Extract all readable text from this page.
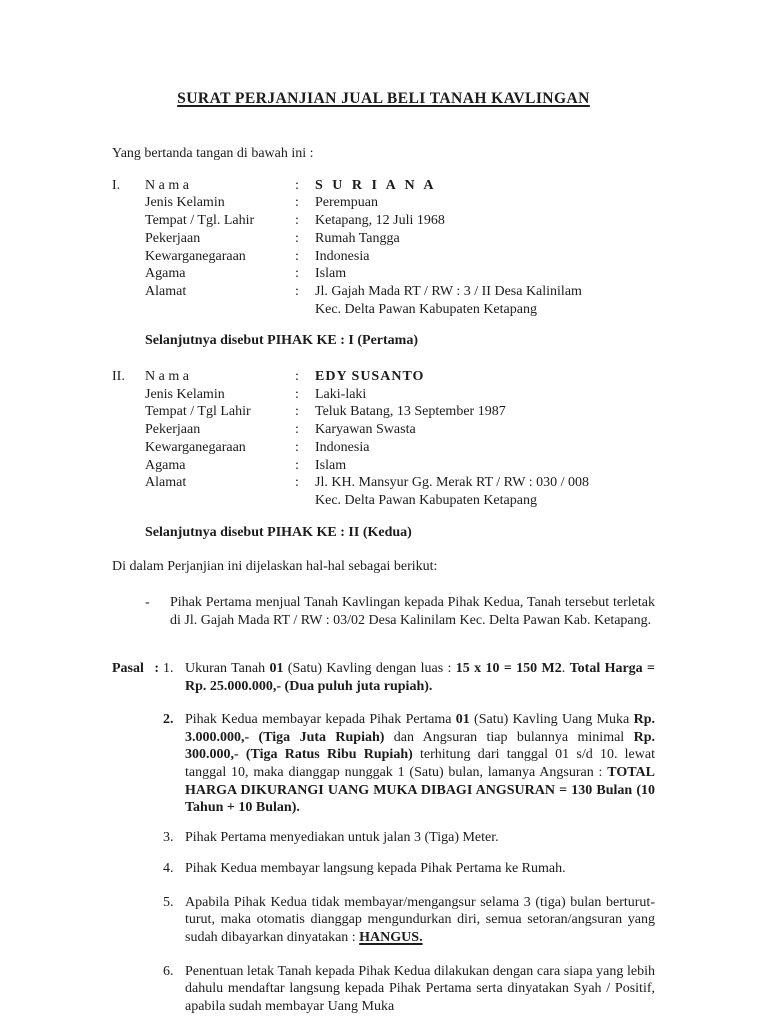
SURAT PERJANJIAN JUAL BELI TANAH KAVLINGAN

Yang bertanda tangan di bawah ini :

I.	N a m a	:	S U R I A N A
Jenis Kelamin	:	Perempuan
Tempat / Tgl. Lahir	:	Ketapang, 12 Juli 1968
Pekerjaan	:	Rumah Tangga
Kewarganegaraan	:	Indonesia
Agama	:	Islam
Alamat	:	Jl. Gajah Mada RT / RW : 3 / II Desa Kalinilam
Kec. Delta Pawan Kabupaten Ketapang

Selanjutnya disebut PIHAK KE : I (Pertama)

II.	N a m a	:	EDY SUSANTO
Jenis Kelamin	:	Laki-laki
Tempat / Tgl Lahir	:	Teluk Batang, 13 September 1987
Pekerjaan	:	Karyawan Swasta
Kewarganegaraan	:	Indonesia
Agama	:	Islam
Alamat	:	Jl. KH. Mansyur Gg. Merak RT / RW : 030 / 008
Kec. Delta Pawan Kabupaten Ketapang

Selanjutnya disebut PIHAK KE : II (Kedua)

Di dalam Perjanjian ini dijelaskan hal-hal sebagai berikut:

-	Pihak Pertama menjual Tanah Kavlingan kepada Pihak Kedua, Tanah tersebut terletak di Jl. Gajah Mada RT / RW : 03/02 Desa Kalinilam Kec. Delta Pawan Kab. Ketapang.
Pasal : 1. Ukuran Tanah 01 (Satu) Kavling dengan luas : 15 x 10 = 150 M2. Total Harga = Rp. 25.000.000,- (Dua puluh juta rupiah).
2. Pihak Kedua membayar kepada Pihak Pertama 01 (Satu) Kavling Uang Muka Rp. 3.000.000,- (Tiga Juta Rupiah) dan Angsuran tiap bulannya minimal Rp. 300.000,- (Tiga Ratus Ribu Rupiah) terhitung dari tanggal 01 s/d 10. lewat tanggal 10, maka dianggap nunggak 1 (Satu) bulan, lamanya Angsuran : TOTAL HARGA DIKURANGI UANG MUKA DIBAGI ANGSURAN = 130 Bulan (10 Tahun + 10 Bulan).
3. Pihak Pertama menyediakan untuk jalan 3 (Tiga) Meter.
4. Pihak Kedua membayar langsung kepada Pihak Pertama ke Rumah.
5. Apabila Pihak Kedua tidak membayar/mengangsur selama 3 (tiga) bulan berturut-turut, maka otomatis dianggap mengundurkan diri, semua setoran/angsuran yang sudah dibayarkan dinyatakan : HANGUS.
6. Penentuan letak Tanah kepada Pihak Kedua dilakukan dengan cara siapa yang lebih dahulu mendaftar langsung kepada Pihak Pertama serta dinyatakan Syah / Positif, apabila sudah membayar Uang Muka
